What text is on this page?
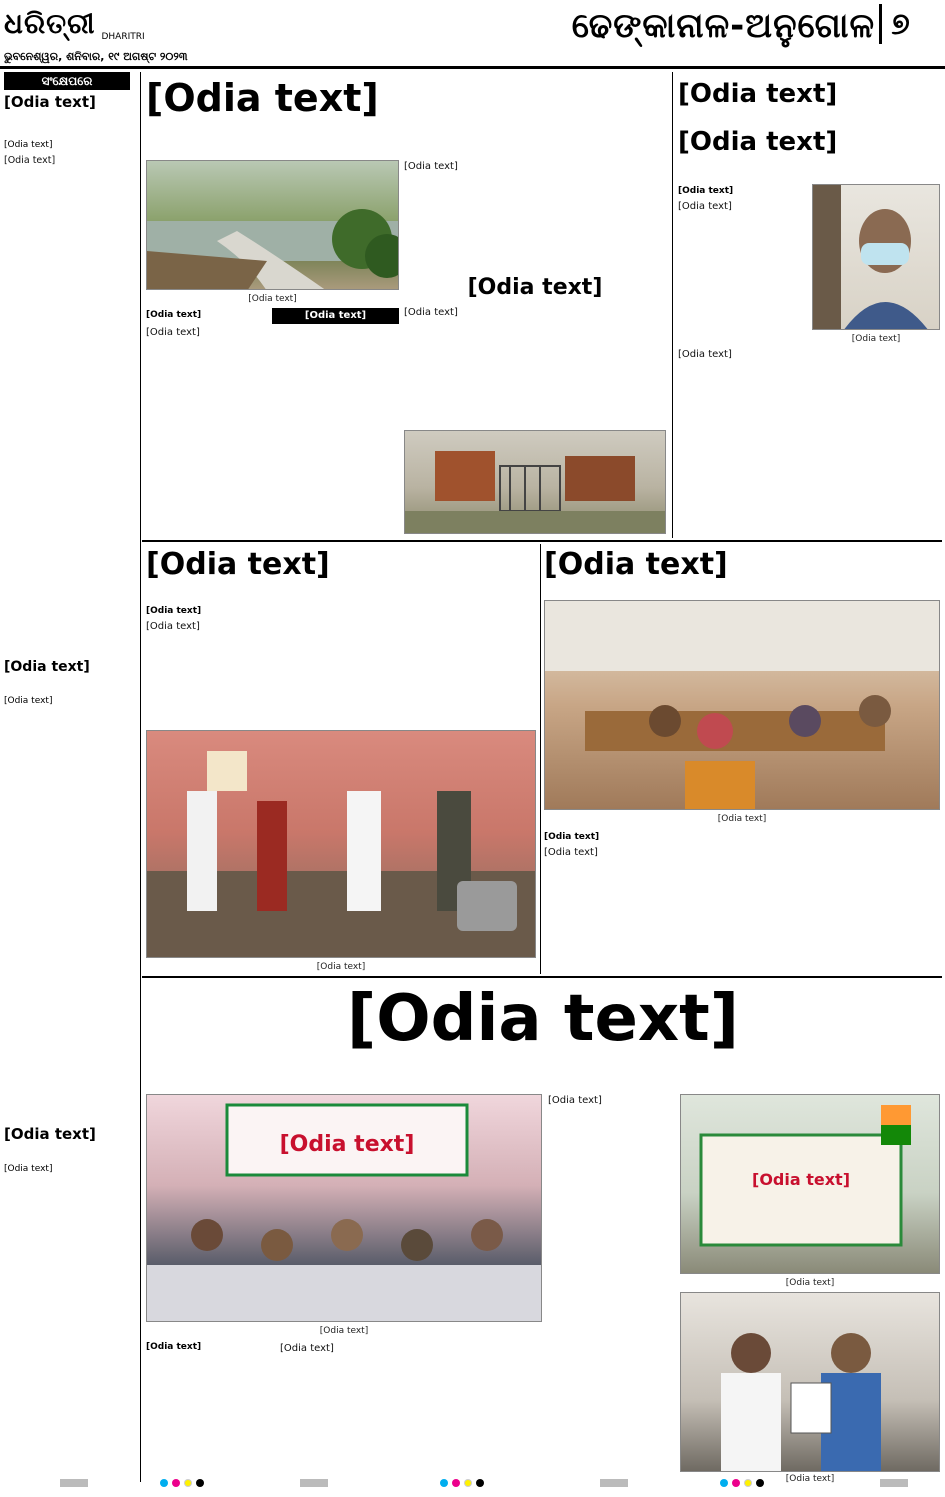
ଧରିତ୍ରୀ DHARITRI
ଭୁବନେଶ୍ୱର, ଶନିବାର, ୧୯ ଅଗଷ୍ଟ ୨୦୨୩
ଢେଙ୍କାନାଳ-ଅନୁଗୋଳ ୭
ସଂକ୍ଷେପରେ
[Odia text]
[Odia text]
[Odia text]
[Odia text]
[Odia text]
[Odia text]	[Odia text]
[Odia text]
[Odia text]
[Odia text]
[Odia text]
[Odia text]
[Odia text]
[Odia text]
[Odia text]
[Odia text]
[Odia text]
[Odia text]
[Odia text]
[Odia text]
[Odia text]
[Odia text]
[Odia text]
[Odia text]
[Odia text]
[Odia text]
[Odia text]
[Odia text]
[Odia text]
[Odia text]
[Odia text]
[Odia text]
[Odia text]	[Odia text]
[Odia text]
[Odia text]
[Odia text]
[Odia text]
